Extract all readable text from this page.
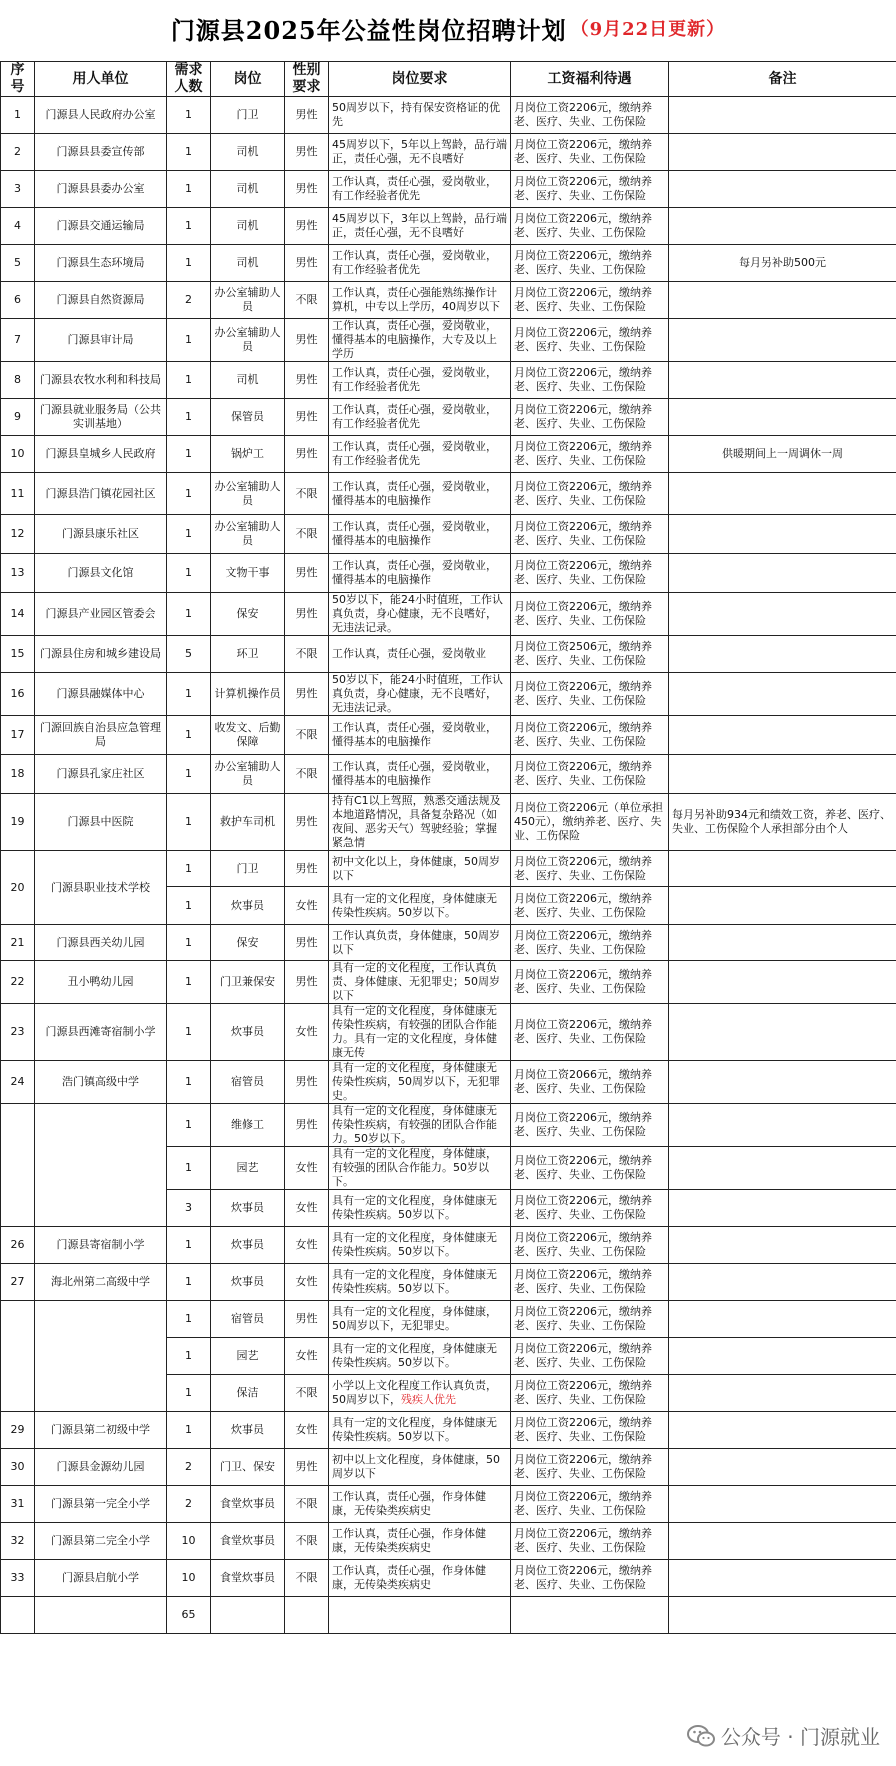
门源县2025年公益性岗位招聘计划 （9月22日更新）
序号	用人单位	需求人数	岗位	性别要求	岗位要求	工资福利待遇	备注
1	门源县人民政府办公室	1	门卫	男性	50周岁以下，持有保安资格证的优先	月岗位工资2206元，缴纳养老、医疗、失业、工伤保险	
2	门源县县委宣传部	1	司机	男性	45周岁以下，5年以上驾龄，品行端正，责任心强，无不良嗜好	月岗位工资2206元，缴纳养老、医疗、失业、工伤保险	
3	门源县县委办公室	1	司机	男性	工作认真，责任心强，爱岗敬业，有工作经验者优先	月岗位工资2206元，缴纳养老、医疗、失业、工伤保险	
4	门源县交通运输局	1	司机	男性	45周岁以下，3年以上驾龄，品行端正，责任心强，无不良嗜好	月岗位工资2206元，缴纳养老、医疗、失业、工伤保险	
5	门源县生态环境局	1	司机	男性	工作认真，责任心强，爱岗敬业，有工作经验者优先	月岗位工资2206元，缴纳养老、医疗、失业、工伤保险	每月另补助500元
6	门源县自然资源局	2	办公室辅助人员	不限	工作认真，责任心强能熟练操作计算机，中专以上学历，40周岁以下	月岗位工资2206元，缴纳养老、医疗、失业、工伤保险	
7	门源县审计局	1	办公室辅助人员	男性	工作认真，责任心强，爱岗敬业，懂得基本的电脑操作，大专及以上学历	月岗位工资2206元，缴纳养老、医疗、失业、工伤保险	
8	门源县农牧水利和科技局	1	司机	男性	工作认真，责任心强，爱岗敬业，有工作经验者优先	月岗位工资2206元，缴纳养老、医疗、失业、工伤保险	
9	门源县就业服务局（公共实训基地）	1	保管员	男性	工作认真，责任心强，爱岗敬业，有工作经验者优先	月岗位工资2206元，缴纳养老、医疗、失业、工伤保险	
10	门源县皇城乡人民政府	1	锅炉工	男性	工作认真，责任心强，爱岗敬业，有工作经验者优先	月岗位工资2206元，缴纳养老、医疗、失业、工伤保险	供暖期间上一周调休一周
11	门源县浩门镇花园社区	1	办公室辅助人员	不限	工作认真，责任心强，爱岗敬业，懂得基本的电脑操作	月岗位工资2206元，缴纳养老、医疗、失业、工伤保险	
12	门源县康乐社区	1	办公室辅助人员	不限	工作认真，责任心强，爱岗敬业，懂得基本的电脑操作	月岗位工资2206元，缴纳养老、医疗、失业、工伤保险	
13	门源县文化馆	1	文物干事	男性	工作认真，责任心强，爱岗敬业，懂得基本的电脑操作	月岗位工资2206元，缴纳养老、医疗、失业、工伤保险	
14	门源县产业园区管委会	1	保安	男性	50岁以下，能24小时值班，工作认真负责，身心健康，无不良嗜好，无违法记录。	月岗位工资2206元，缴纳养老、医疗、失业、工伤保险	
15	门源县住房和城乡建设局	5	环卫	不限	工作认真，责任心强，爱岗敬业	月岗位工资2506元，缴纳养老、医疗、失业、工伤保险	
16	门源县融媒体中心	1	计算机操作员	男性	50岁以下，能24小时值班，工作认真负责，身心健康，无不良嗜好，无违法记录。	月岗位工资2206元，缴纳养老、医疗、失业、工伤保险	
17	门源回族自治县应急管理局	1	收发文、后勤保障	不限	工作认真，责任心强，爱岗敬业，懂得基本的电脑操作	月岗位工资2206元，缴纳养老、医疗、失业、工伤保险	
18	门源县孔家庄社区	1	办公室辅助人员	不限	工作认真，责任心强，爱岗敬业，懂得基本的电脑操作	月岗位工资2206元，缴纳养老、医疗、失业、工伤保险	
19	门源县中医院	1	救护车司机	男性	持有C1以上驾照，熟悉交通法规及本地道路情况，具备复杂路况（如夜间、恶劣天气）驾驶经验；掌握紧急情	月岗位工资2206元（单位承担450元），缴纳养老、医疗、失业、工伤保险	每月另补助934元和绩效工资，养老、医疗、失业、工伤保险个人承担部分由个人
20	门源县职业技术学校	1	门卫	男性	初中文化以上，身体健康，50周岁以下	月岗位工资2206元，缴纳养老、医疗、失业、工伤保险	
		1	炊事员	女性	具有一定的文化程度，身体健康无传染性疾病。50岁以下。	月岗位工资2206元，缴纳养老、医疗、失业、工伤保险	
21	门源县西关幼儿园	1	保安	男性	工作认真负责，身体健康，50周岁以下	月岗位工资2206元，缴纳养老、医疗、失业、工伤保险	
22	丑小鸭幼儿园	1	门卫兼保安	男性	具有一定的文化程度，工作认真负责、身体健康、无犯罪史；50周岁以下	月岗位工资2206元，缴纳养老、医疗、失业、工伤保险	
23	门源县西滩寄宿制小学	1	炊事员	女性	具有一定的文化程度，身体健康无传染性疾病，有较强的团队合作能力。具有一定的文化程度，身体健康无传	月岗位工资2206元，缴纳养老、医疗、失业、工伤保险	
24	浩门镇高级中学	1	宿管员	男性	具有一定的文化程度，身体健康无传染性疾病，50周岁以下，无犯罪史。	月岗位工资2066元，缴纳养老、医疗、失业、工伤保险	
		1	维修工	男性	具有一定的文化程度，身体健康无传染性疾病，有较强的团队合作能力。50岁以下。	月岗位工资2206元，缴纳养老、医疗、失业、工伤保险	
		1	园艺	女性	具有一定的文化程度，身体健康，有较强的团队合作能力。50岁以下。	月岗位工资2206元，缴纳养老、医疗、失业、工伤保险	
		3	炊事员	女性	具有一定的文化程度，身体健康无传染性疾病。50岁以下。	月岗位工资2206元，缴纳养老、医疗、失业、工伤保险	
26	门源县寄宿制小学	1	炊事员	女性	具有一定的文化程度，身体健康无传染性疾病。50岁以下。	月岗位工资2206元，缴纳养老、医疗、失业、工伤保险	
27	海北州第二高级中学	1	炊事员	女性	具有一定的文化程度，身体健康无传染性疾病。50岁以下。	月岗位工资2206元，缴纳养老、医疗、失业、工伤保险	
		1	宿管员	男性	具有一定的文化程度，身体健康，50周岁以下，无犯罪史。	月岗位工资2206元，缴纳养老、医疗、失业、工伤保险	
		1	园艺	女性	具有一定的文化程度，身体健康无传染性疾病。50岁以下。	月岗位工资2206元，缴纳养老、医疗、失业、工伤保险	
		1	保洁	不限	小学以上文化程度工作认真负责，50周岁以下，残疾人优先	月岗位工资2206元，缴纳养老、医疗、失业、工伤保险	
29	门源县第二初级中学	1	炊事员	女性	具有一定的文化程度，身体健康无传染性疾病。50岁以下。	月岗位工资2206元，缴纳养老、医疗、失业、工伤保险	
30	门源县金源幼儿园	2	门卫、保安	男性	初中以上文化程度，身体健康，50周岁以下	月岗位工资2206元，缴纳养老、医疗、失业、工伤保险	
31	门源县第一完全小学	2	食堂炊事员	不限	工作认真，责任心强，作身体健康，无传染类疾病史	月岗位工资2206元，缴纳养老、医疗、失业、工伤保险	
32	门源县第二完全小学	10	食堂炊事员	不限	工作认真，责任心强，作身体健康，无传染类疾病史	月岗位工资2206元，缴纳养老、医疗、失业、工伤保险	
33	门源县启航小学	10	食堂炊事员	不限	工作认真，责任心强，作身体健康，无传染类疾病史	月岗位工资2206元，缴纳养老、医疗、失业、工伤保险	
		65					
公众号 · 门源就业
